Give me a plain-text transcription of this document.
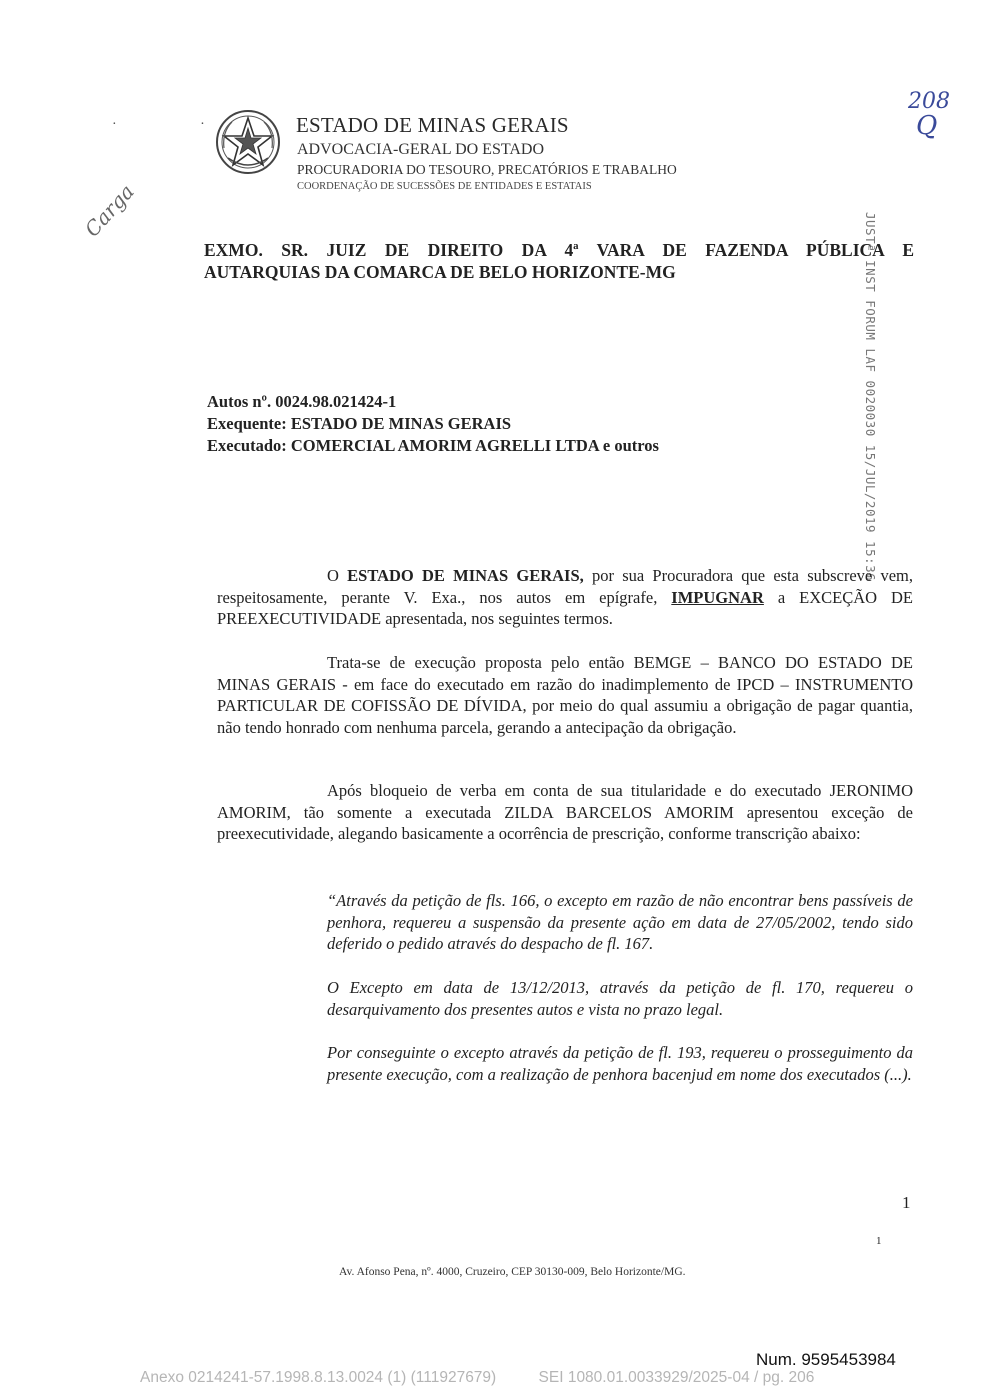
· · ESTADO DE MINAS GERAIS
ADVOCACIA-GERAL DO ESTADO
PROCURADORIA DO TESOURO, PRECATÓRIOS E TRABALHO
COORDENAÇÃO DE SUCESSÕES DE ENTIDADES E ESTATAIS
208
Q
Carga
EXMO. SR. JUIZ DE DIREITO DA 4ª VARA DE FAZENDA PÚBLICA E
AUTARQUIAS DA COMARCA DE BELO HORIZONTE-MG	JUSTª INST FORUM LAF 0020030 15/JUL/2019 15:36
Autos nº. 0024.98.021424-1
Exequente: ESTADO DE MINAS GERAIS
Executado: COMERCIAL AMORIM AGRELLI LTDA e outros
O ESTADO DE MINAS GERAIS, por sua Procuradora que esta subscreve vem, respeitosamente, perante V. Exa., nos autos em epígrafe, IMPUGNAR a EXCEÇÃO DE PREEXECUTIVIDADE apresentada, nos seguintes termos.
Trata-se de execução proposta pelo então BEMGE – BANCO DO ESTADO DE MINAS GERAIS - em face do executado em razão do inadimplemento de IPCD – INSTRUMENTO PARTICULAR DE COFISSÃO DE DÍVIDA, por meio do qual assumiu a obrigação de pagar quantia, não tendo honrado com nenhuma parcela, gerando a antecipação da obrigação.
Após bloqueio de verba em conta de sua titularidade e do executado JERONIMO AMORIM, tão somente a executada ZILDA BARCELOS AMORIM apresentou exceção de preexecutividade, alegando basicamente a ocorrência de prescrição, conforme transcrição abaixo:
“Através da petição de fls. 166, o excepto em razão de não encontrar bens passíveis de penhora, requereu a suspensão da presente ação em data de 27/05/2002, tendo sido deferido o pedido através do despacho de fl. 167.
O Excepto em data de 13/12/2013, através da petição de fl. 170, requereu o desarquivamento dos presentes autos e vista no prazo legal.
Por conseguinte o excepto através da petição de fl. 193, requereu o prosseguimento da presente execução, com a realização de penhora bacenjud em nome dos executados (...).
1
1
Av. Afonso Pena, nº. 4000, Cruzeiro, CEP 30130-009, Belo Horizonte/MG.
Num. 9595453984
Anexo 0214241-57.1998.8.13.0024 (1) (111927679)	SEI 1080.01.0033929/2025-04 / pg. 206
